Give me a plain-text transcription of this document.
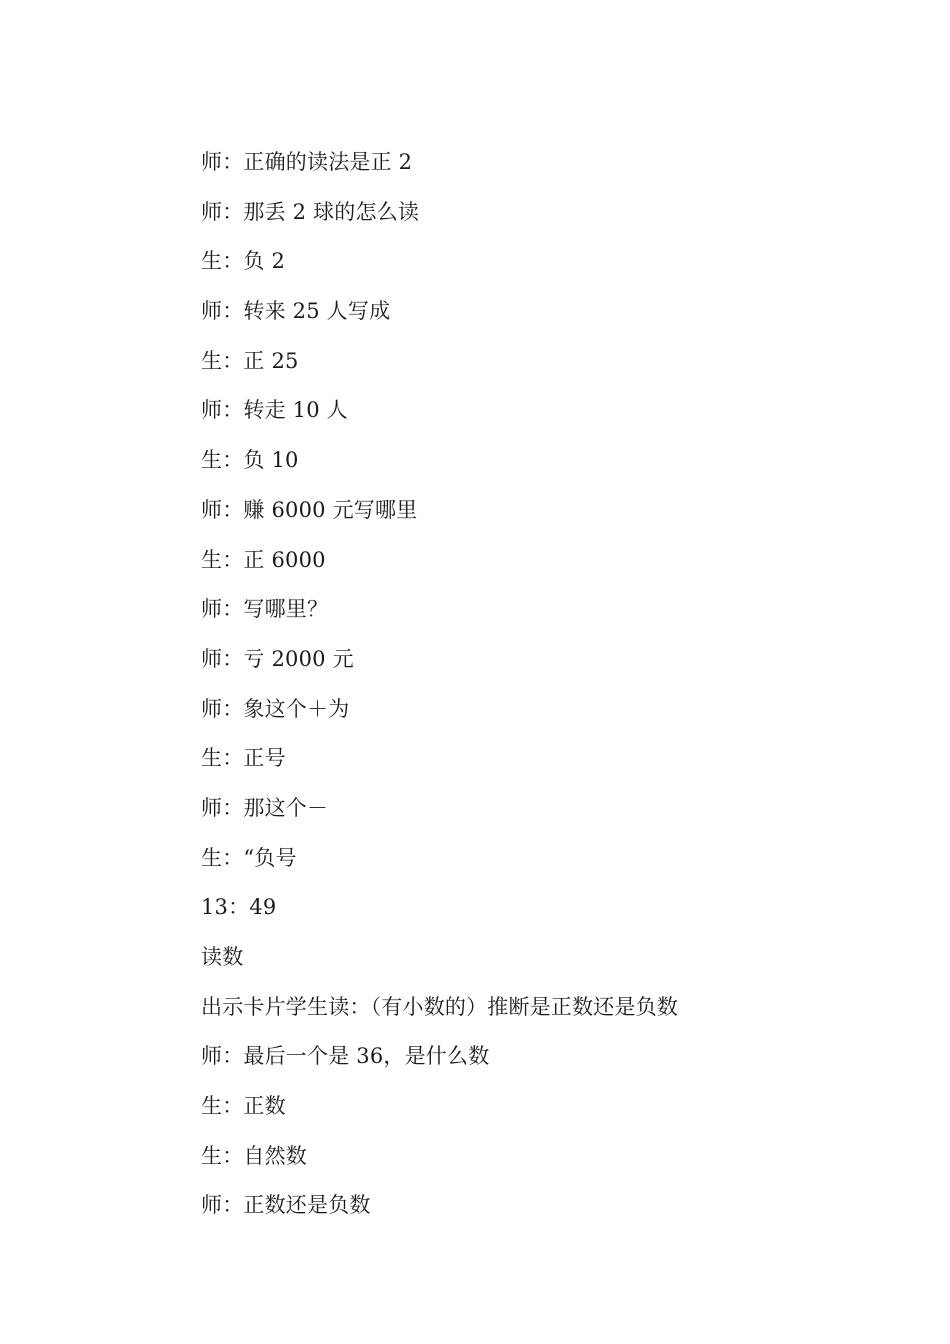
师：正确的读法是正 2
师：那丢 2 球的怎么读
生：负 2
师：转来 25 人写成
生：正 25
师：转走 10 人
生：负 10
师：赚 6000 元写哪里
生：正 6000
师：写哪里？
师：亏 2000 元
师：象这个＋为
生：正号
师：那这个－
生：“负号
13：49
读数
出示卡片学生读：（有小数的）推断是正数还是负数
师：最后一个是 36，是什么数
生：正数
生：自然数
师：正数还是负数
